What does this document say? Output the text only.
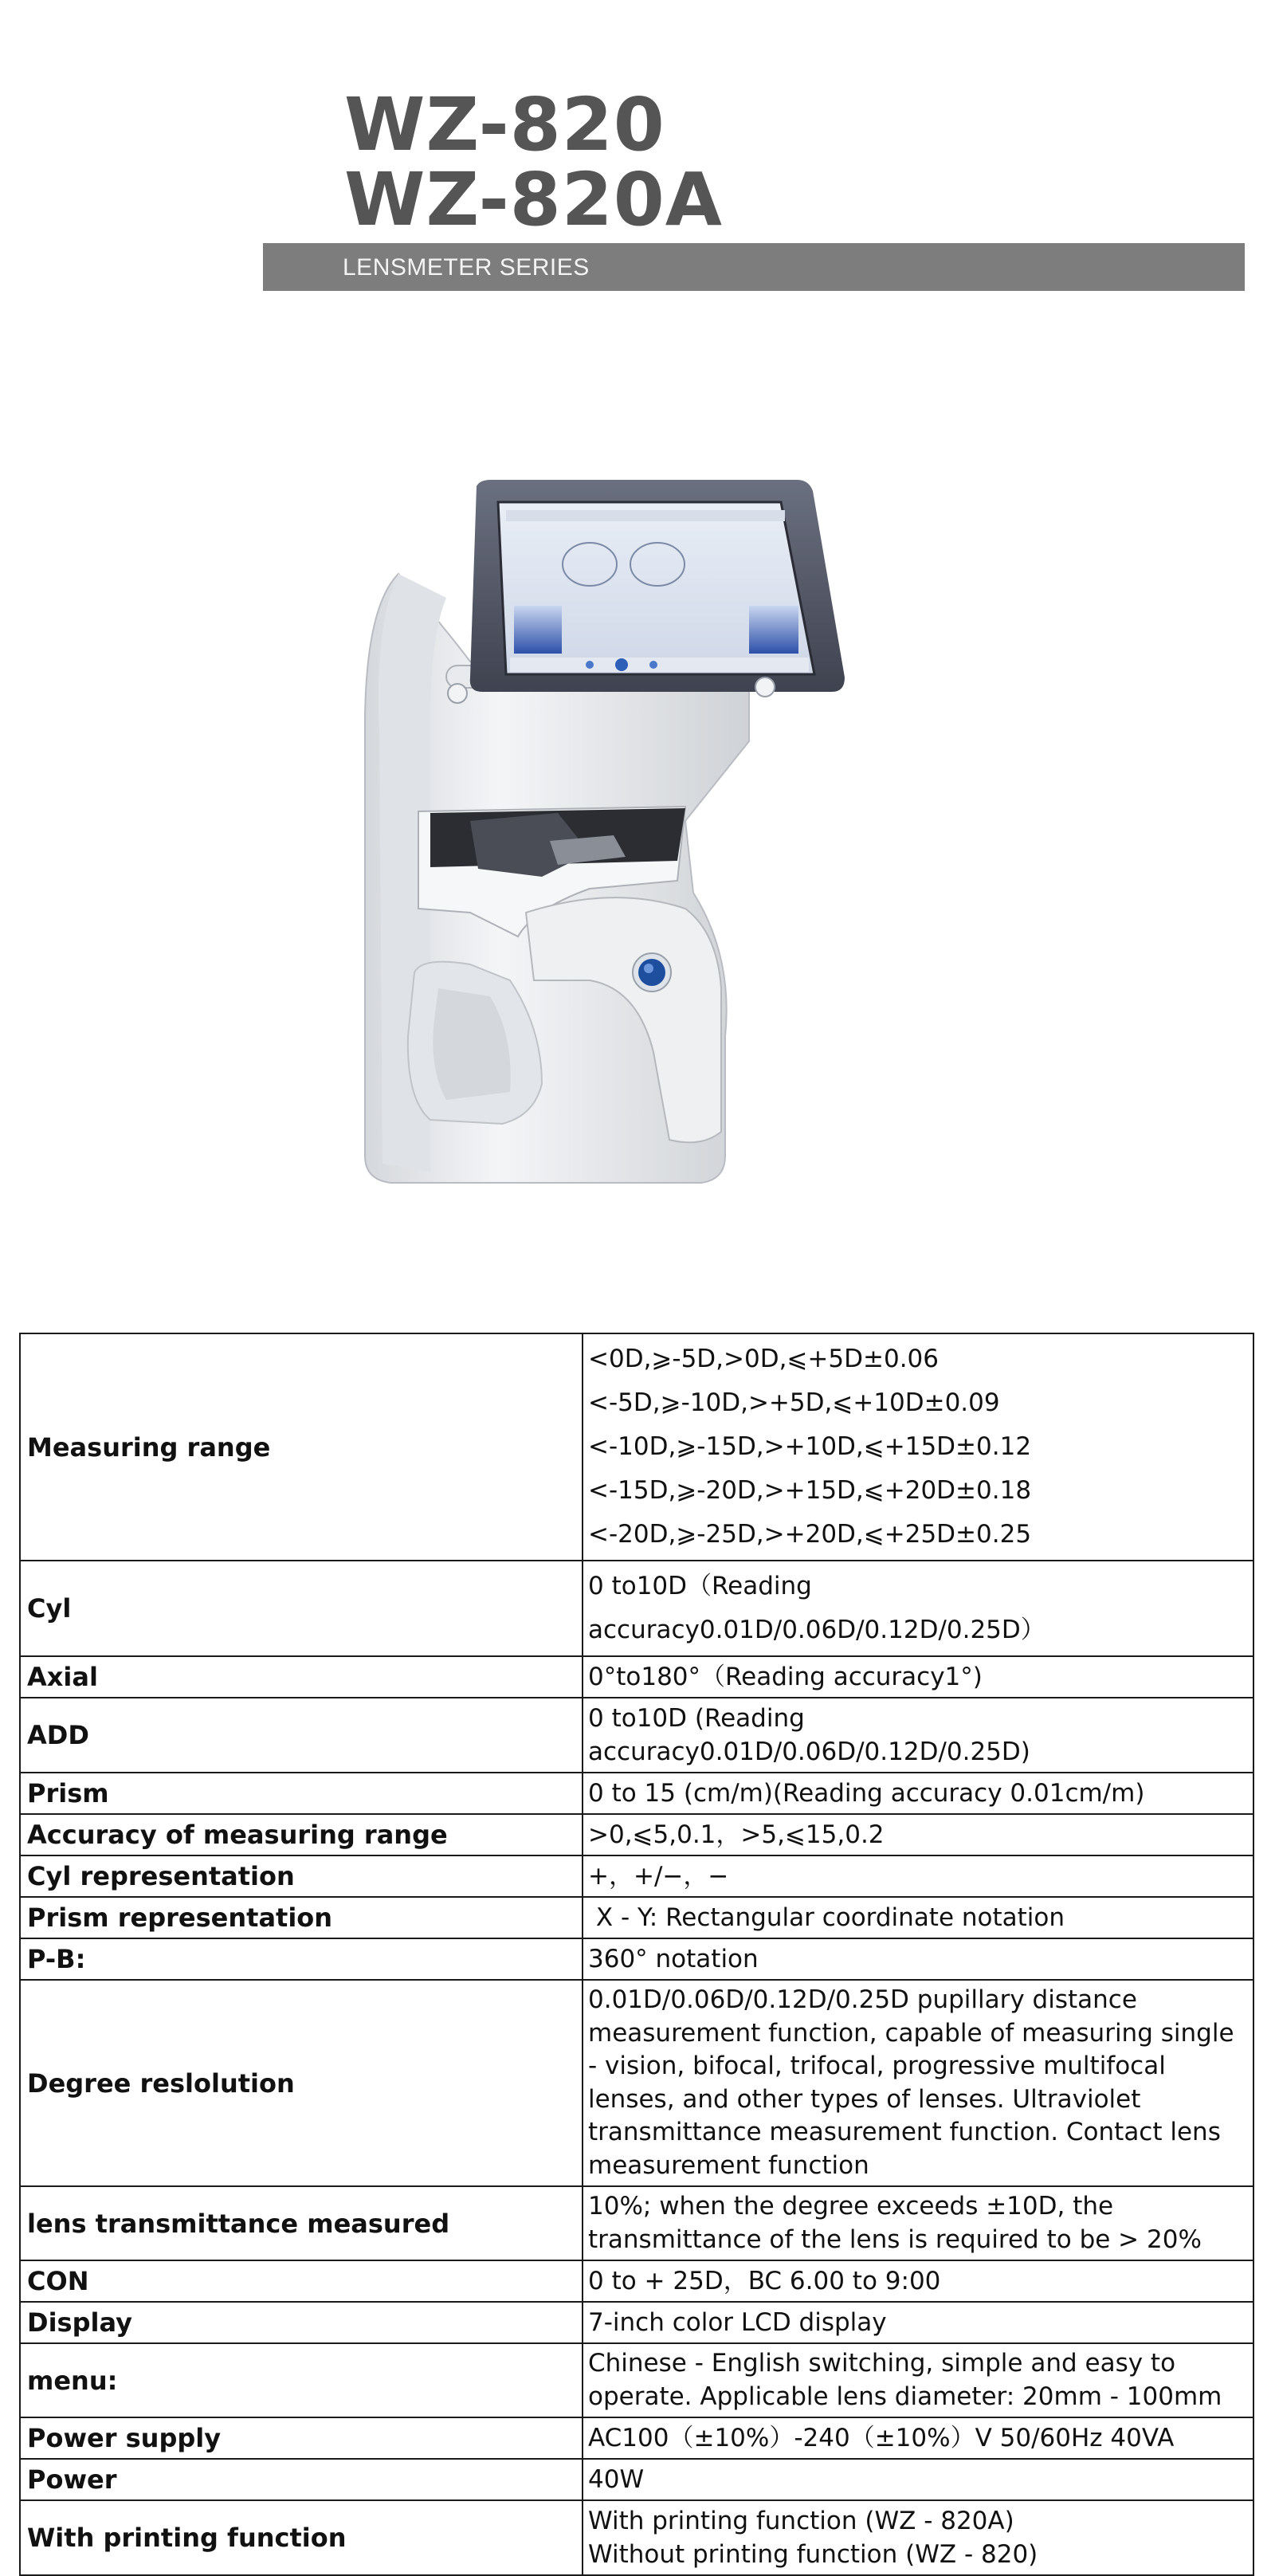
WZ-820
WZ-820A
LENSMETER SERIES
Measuring range	<0D,⩾-5D,>0D,⩽+5D±0.06
<-5D,⩾-10D,>+5D,⩽+10D±0.09
<-10D,⩾-15D,>+10D,⩽+15D±0.12
<-15D,⩾-20D,>+15D,⩽+20D±0.18
<-20D,⩾-25D,>+20D,⩽+25D±0.25

Cyl	0 to10D（Reading
accuracy0.01D/0.06D/0.12D/0.25D）

Axial	0°to180°（Reading accuracy1°)
ADD	0 to10D (Reading accuracy0.01D/0.06D/0.12D/0.25D)
Prism	0 to 15 (cm/m)(Reading accuracy 0.01cm/m)
Accuracy of measuring range	>0,⩽5,0.1，>5,⩽15,0.2
Cyl representation	+，+/−，−
Prism representation	X - Y: Rectangular coordinate notation
P-B:	360° notation
Degree reslolution	0.01D/0.06D/0.12D/0.25D pupillary distance measurement function, capable of measuring single - vision, bifocal, trifocal, progressive multifocal lenses, and other types of lenses. Ultraviolet transmittance measurement function. Contact lens measurement function

lens transmittance measured	10%; when the degree exceeds ±10D, the transmittance of the lens is required to be > 20%

CON	0 to + 25D，BC 6.00 to 9:00
Display	7-inch color LCD display
menu:	Chinese - English switching, simple and easy to operate. Applicable lens diameter: 20mm - 100mm

Power supply	AC100（±10%）-240（±10%）V 50/60Hz 40VA
Power	40W
With printing function	With printing function (WZ - 820A)
Without printing function (WZ - 820)
